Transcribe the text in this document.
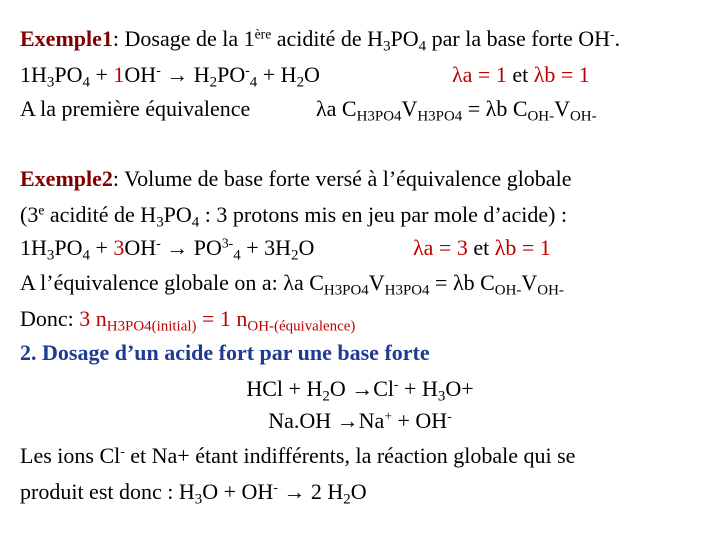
Exemple1: Dosage de la 1ère acidité de $H_3PO_4$ par la base forte OH-.
$1H_3PO_4 + 1OH^- \to H_2PO^-_4 + H_2O$	λa = 1 et λb = 1
A la première équivalence	λa $C_{H3PO4}V_{H3PO4} = \lambda b$ $C_{OH-}V_{OH-}$
Exemple2: Volume de base forte versé à l’équivalence globale
(3e acidité de $H_3PO_4$ : 3 protons mis en jeu par mole d’acide) :
$1H_3PO_4 + 3OH^- \to PO^{3-}_4 + 3H_2O$	λa = 3 et λb = 1
A l’équivalence globale on a: λa $C_{H3PO4}V_{H3PO4} = \lambda b$ $C_{OH-}V_{OH-}$
Donc: 3 $n_{H3PO4(initial)} = 1$ $n_{OH-(équivalence)}$
2. Dosage d’un acide fort par une base forte
HCl + $H_2O \to Cl^- + H_3O+$
Na.OH →Na+ + OH-
Les ions Cl- et Na+ étant indifférents, la réaction globale qui se
produit est donc : $H_3O + OH^- \to 2$ $H_2O$
